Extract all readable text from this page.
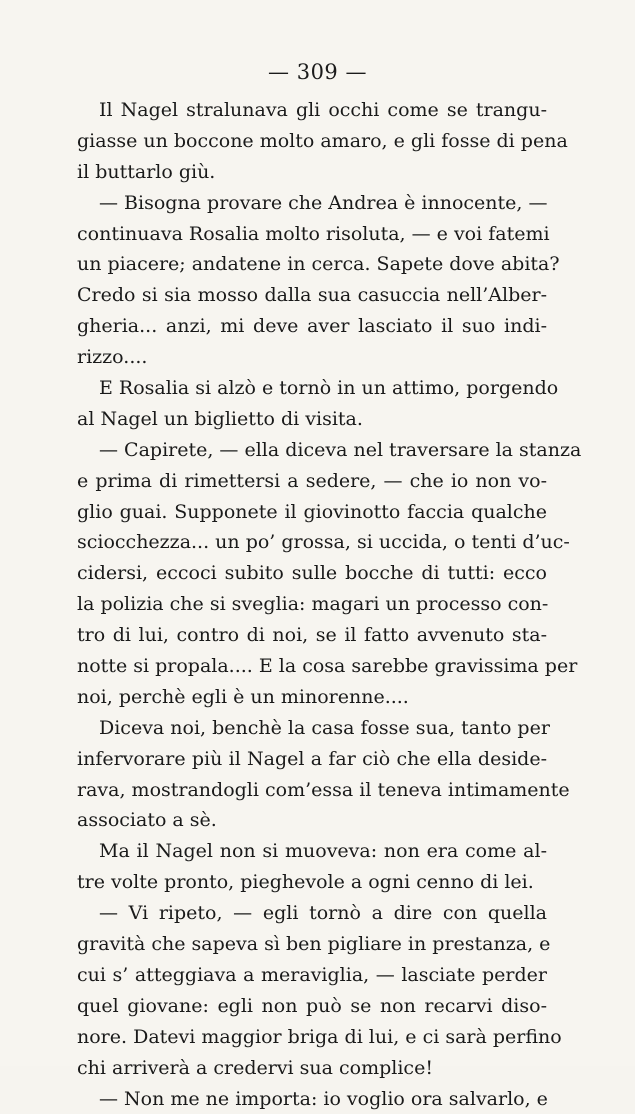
— 309 —
Il Nagel stralunava gli occhi come se trangu-
giasse un boccone molto amaro, e gli fosse di pena
il buttarlo giù.
— Bisogna provare che Andrea è innocente, —
continuava Rosalia molto risoluta, — e voi fatemi
un piacere; andatene in cerca. Sapete dove abita?
Credo si sia mosso dalla sua casuccia nell’Alber-
gheria... anzi, mi deve aver lasciato il suo indi-
rizzo....
E Rosalia si alzò e tornò in un attimo, porgendo
al Nagel un biglietto di visita.
— Capirete, — ella diceva nel traversare la stanza
e prima di rimettersi a sedere, — che io non vo-
glio guai. Supponete il giovinotto faccia qualche
sciocchezza... un po’ grossa, si uccida, o tenti d’uc-
cidersi, eccoci subito sulle bocche di tutti: ecco
la polizia che si sveglia: magari un processo con-
tro di lui, contro di noi, se il fatto avvenuto sta-
notte si propala.... E la cosa sarebbe gravissima per
noi, perchè egli è un minorenne....
Diceva noi, benchè la casa fosse sua, tanto per
infervorare più il Nagel a far ciò che ella deside-
rava, mostrandogli com’essa il teneva intimamente
associato a sè.
Ma il Nagel non si muoveva: non era come al-
tre volte pronto, pieghevole a ogni cenno di lei.
— Vi ripeto, — egli tornò a dire con quella
gravità che sapeva sì ben pigliare in prestanza, e
cui s’ atteggiava a meraviglia, — lasciate perder
quel giovane: egli non può se non recarvi diso-
nore. Datevi maggior briga di lui, e ci sarà perfino
chi arriverà a credervi sua complice!
— Non me ne importa: io voglio ora salvarlo, e
